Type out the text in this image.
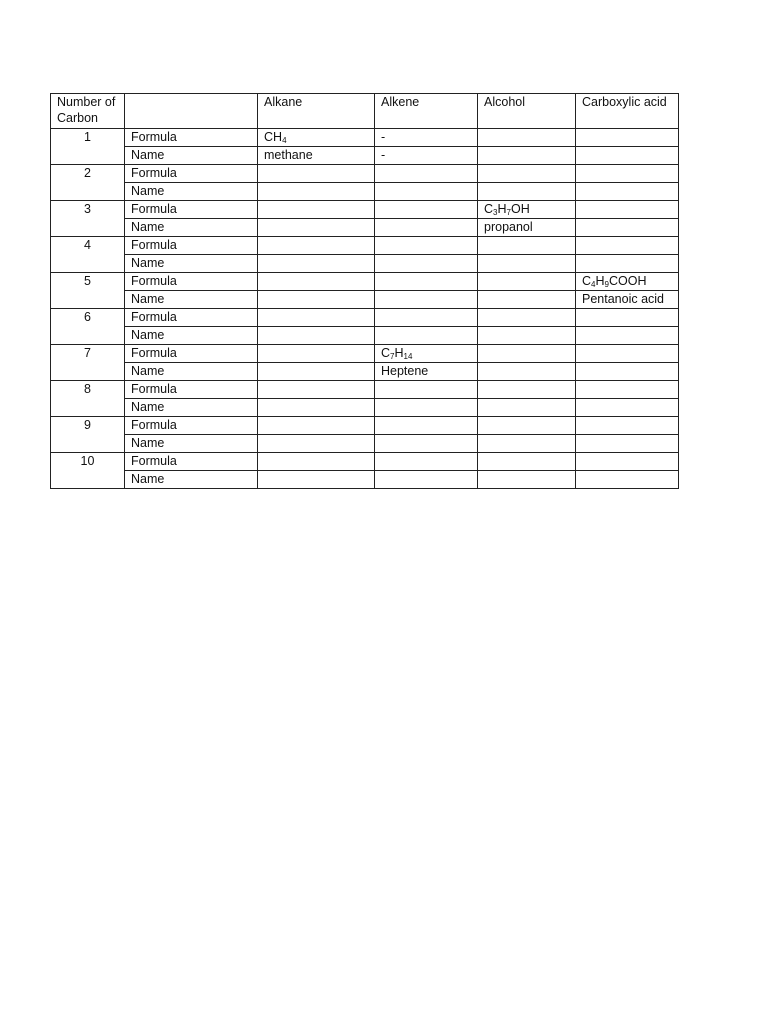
Number of Carbon		Alkane	Alkene	Alcohol	Carboxylic acid
1	Formula	$CH_4$	-		
	Name	methane	-		
2	Formula				
	Name				
3	Formula			$C_3H_7OH$	
	Name			propanol	
4	Formula				
	Name				
5	Formula				$C_4H_9COOH$
	Name				Pentanoic acid
6	Formula				
	Name				
7	Formula		$C_7H_{14}$		
	Name		Heptene		
8	Formula				
	Name				
9	Formula				
	Name				
10	Formula				
	Name				
